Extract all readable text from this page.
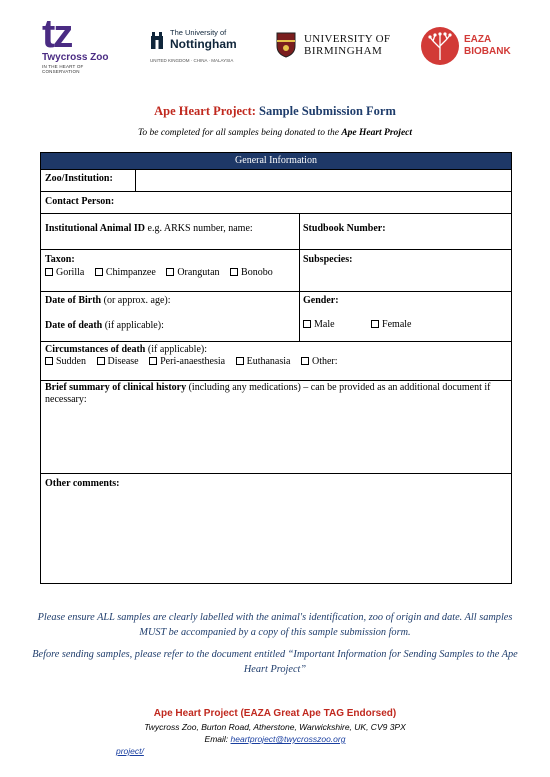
tz
Twycross Zoo
IN THE HEART OF CONSERVATION
The University of
Nottingham
UNITED KINGDOM · CHINA · MALAYSIA
UNIVERSITY OF
BIRMINGHAM
EAZA
BIOBANK
Ape Heart Project: Sample Submission Form
To be completed for all samples being donated to the Ape Heart Project
General Information
Zoo/Institution:
Contact Person:
Institutional Animal ID e.g. ARKS number, name:	Studbook Number:
Taxon:
Gorilla Chimpanzee Orangutan Bonobo
Subspecies:
Date of Birth (or approx. age):	Gender:
Date of death (if applicable):	Male	Female
Circumstances of death (if applicable):
Sudden Disease Peri-anaesthesia Euthanasia Other:
Brief summary of clinical history (including any medications) – can be provided as an additional document if necessary:
Other comments:
Please ensure ALL samples are clearly labelled with the animal's identification, zoo of origin and date. All samples MUST be accompanied by a copy of this sample submission form.
Before sending samples, please refer to the document entitled “Important Information for Sending Samples to the Ape Heart Project”
Ape Heart Project (EAZA Great Ape TAG Endorsed)
Twycross Zoo, Burton Road, Atherstone, Warwickshire, UK, CV9 3PX
Email: heartproject@twycrosszoo.org
project/
